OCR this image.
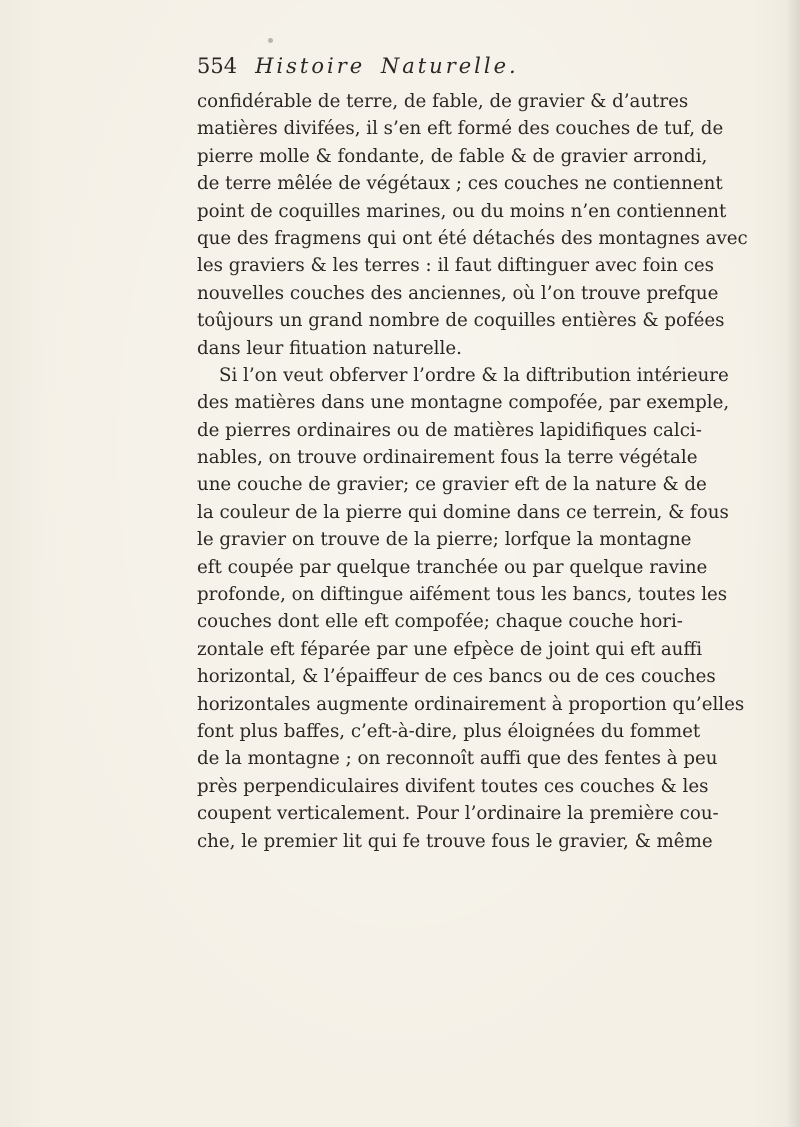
554 Histoire Naturelle.
confidérable de terre, de fable, de gravier & d’autres
matières divifées, il s’en eft formé des couches de tuf, de
pierre molle & fondante, de fable & de gravier arrondi,
de terre mêlée de végétaux ; ces couches ne contiennent
point de coquilles marines, ou du moins n’en contiennent
que des fragmens qui ont été détachés des montagnes avec
les graviers & les terres : il faut diftinguer avec foin ces
nouvelles couches des anciennes, où l’on trouve prefque
toûjours un grand nombre de coquilles entières & pofées
dans leur fituation naturelle.
Si l’on veut obferver l’ordre & la diftribution intérieure
des matières dans une montagne compofée, par exemple,
de pierres ordinaires ou de matières lapidifiques calci-
nables, on trouve ordinairement fous la terre végétale
une couche de gravier; ce gravier eft de la nature & de
la couleur de la pierre qui domine dans ce terrein, & fous
le gravier on trouve de la pierre; lorfque la montagne
eft coupée par quelque tranchée ou par quelque ravine
profonde, on diftingue aifément tous les bancs, toutes les
couches dont elle eft compofée; chaque couche hori-
zontale eft féparée par une efpèce de joint qui eft auffi
horizontal, & l’épaiffeur de ces bancs ou de ces couches
horizontales augmente ordinairement à proportion qu’elles
font plus baffes, c’eft-à-dire, plus éloignées du fommet
de la montagne ; on reconnoît auffi que des fentes à peu
près perpendiculaires divifent toutes ces couches & les
coupent verticalement. Pour l’ordinaire la première cou-
che, le premier lit qui fe trouve fous le gravier, & même
